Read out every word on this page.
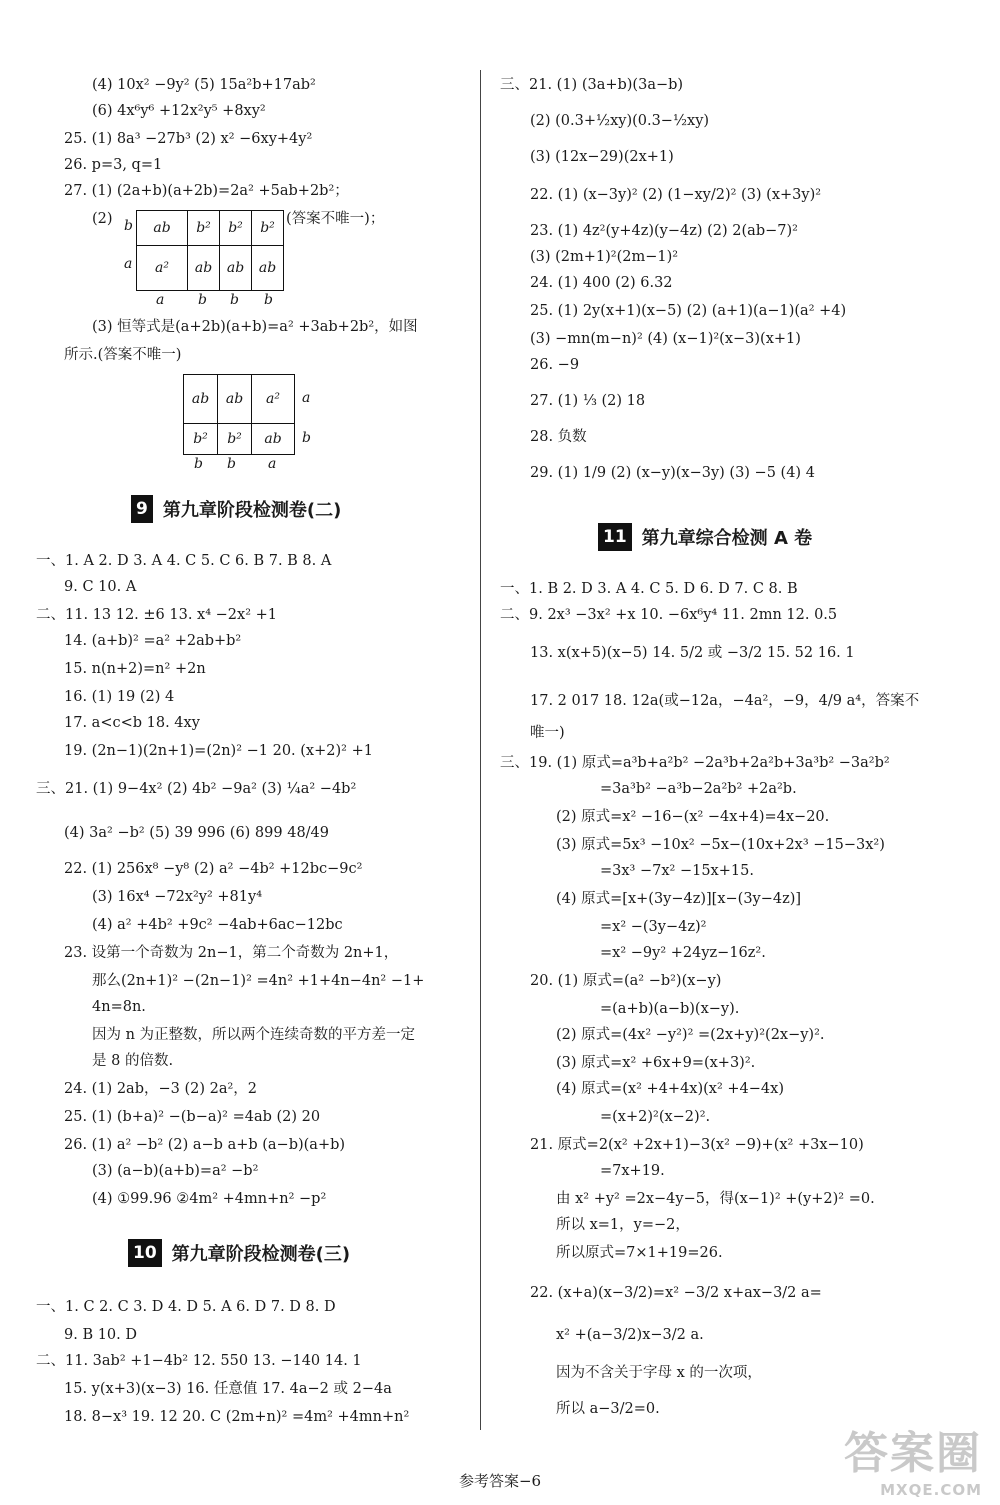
(4) 10x² −9y² (5) 15a²b+17ab²
(6) 4x⁶y⁶ +12x²y⁵ +8xy²
25. (1) 8a³ −27b³ (2) x² −6xy+4y²
26. p=3, q=1
27. (1) (2a+b)(a+2b)=2a² +5ab+2b²；
(2)	(答案不唯一)；
b
a
ab	b²	b²	b²
a²	ab	ab	ab
a b b b
(3) 恒等式是(a+2b)(a+b)=a² +3ab+2b²，如图
所示.(答案不唯一)
ab	ab	a²
b²	b²	ab
a
b
b b a
9 第九章阶段检测卷(二)
一、1. A 2. D 3. A 4. C 5. C 6. B 7. B 8. A
9. C 10. A
二、11. 13 12. ±6 13. x⁴ −2x² +1
14. (a+b)² =a² +2ab+b²
15. n(n+2)=n² +2n
16. (1) 19 (2) 4
17. a<c<b 18. 4xy
19. (2n−1)(2n+1)=(2n)² −1 20. (x+2)² +1
三、21. (1) 9−4x² (2) 4b² −9a² (3) ¼a² −4b²
(4) 3a² −b² (5) 39 996 (6) 899 48/49
22. (1) 256x⁸ −y⁸ (2) a² −4b² +12bc−9c²
(3) 16x⁴ −72x²y² +81y⁴
(4) a² +4b² +9c² −4ab+6ac−12bc
23. 设第一个奇数为 2n−1，第二个奇数为 2n+1，
那么(2n+1)² −(2n−1)² =4n² +1+4n−4n² −1+
4n=8n.
因为 n 为正整数，所以两个连续奇数的平方差一定
是 8 的倍数.
24. (1) 2ab，−3 (2) 2a²，2
25. (1) (b+a)² −(b−a)² =4ab (2) 20
26. (1) a² −b² (2) a−b a+b (a−b)(a+b)
(3) (a−b)(a+b)=a² −b²
(4) ①99.96 ②4m² +4mn+n² −p²
10 第九章阶段检测卷(三)
一、1. C 2. C 3. D 4. D 5. A 6. D 7. D 8. D
9. B 10. D
二、11. 3ab² +1−4b² 12. 550 13. −140 14. 1
15. y(x+3)(x−3) 16. 任意值 17. 4a−2 或 2−4a
18. 8−x³ 19. 12 20. C (2m+n)² =4m² +4mn+n²
三、21. (1) (3a+b)(3a−b)
(2) (0.3+½xy)(0.3−½xy)
(3) (12x−29)(2x+1)
22. (1) (x−3y)² (2) (1−xy/2)² (3) (x+3y)²
23. (1) 4z²(y+4z)(y−4z) (2) 2(ab−7)²
(3) (2m+1)²(2m−1)²
24. (1) 400 (2) 6.32
25. (1) 2y(x+1)(x−5) (2) (a+1)(a−1)(a² +4)
(3) −mn(m−n)² (4) (x−1)²(x−3)(x+1)
26. −9
27. (1) ⅓ (2) 18
28. 负数
29. (1) 1/9 (2) (x−y)(x−3y) (3) −5 (4) 4
11 第九章综合检测 A 卷
一、1. B 2. D 3. A 4. C 5. D 6. D 7. C 8. B
二、9. 2x³ −3x² +x 10. −6x⁶y⁴ 11. 2mn 12. 0.5
13. x(x+5)(x−5) 14. 5/2 或 −3/2 15. 52 16. 1
17. 2 017 18. 12a(或−12a，−4a²，−9，4/9 a⁴，答案不
唯一)
三、19. (1) 原式=a³b+a²b² −2a³b+2a²b+3a³b² −3a²b²
=3a³b² −a³b−2a²b² +2a²b.
(2) 原式=x² −16−(x² −4x+4)=4x−20.
(3) 原式=5x³ −10x² −5x−(10x+2x³ −15−3x²)
=3x³ −7x² −15x+15.
(4) 原式=[x+(3y−4z)][x−(3y−4z)]
=x² −(3y−4z)²
=x² −9y² +24yz−16z².
20. (1) 原式=(a² −b²)(x−y)
=(a+b)(a−b)(x−y).
(2) 原式=(4x² −y²)² =(2x+y)²(2x−y)².
(3) 原式=x² +6x+9=(x+3)².
(4) 原式=(x² +4+4x)(x² +4−4x)
=(x+2)²(x−2)².
21. 原式=2(x² +2x+1)−3(x² −9)+(x² +3x−10)
=7x+19.
由 x² +y² =2x−4y−5，得(x−1)² +(y+2)² =0.
所以 x=1，y=−2，
所以原式=7×1+19=26.
22. (x+a)(x−3/2)=x² −3/2 x+ax−3/2 a=
x² +(a−3/2)x−3/2 a.
因为不含关于字母 x 的一次项，
所以 a−3/2=0.
参考答案−6
答案圈
MXQE.COM
